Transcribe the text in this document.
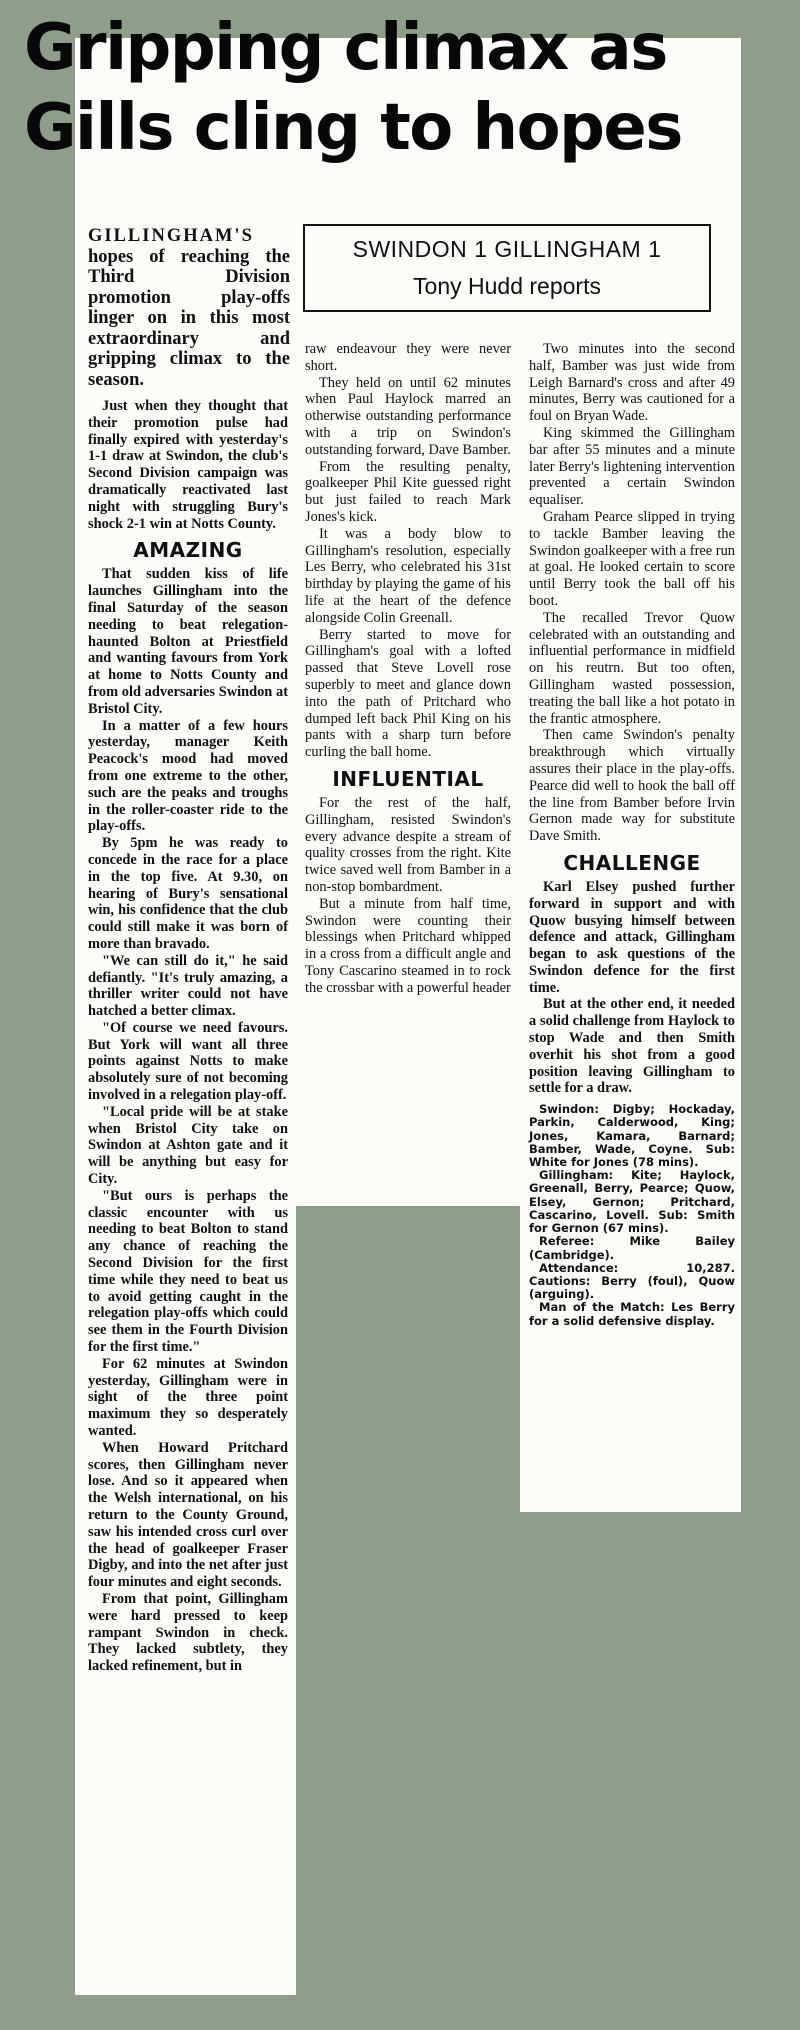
Gripping climax as
Gills cling to hopes
SWINDON 1 GILLINGHAM 1
Tony Hudd reports

GILLINGHAM'S hopes of reaching the Third Division promotion play-offs linger on in this most extraordinary and gripping climax to the season.

Just when they thought that their promotion pulse had finally expired with yesterday's 1-1 draw at Swindon, the club's Second Division campaign was dramatically reactivated last night with struggling Bury's shock 2-1 win at Notts County.

AMAZING

That sudden kiss of life launches Gillingham into the final Saturday of the season needing to beat relegation-haunted Bolton at Priestfield and wanting favours from York at home to Notts County and from old adversaries Swindon at Bristol City.

In a matter of a few hours yesterday, manager Keith Peacock's mood had moved from one extreme to the other, such are the peaks and troughs in the roller-coaster ride to the play-offs.

By 5pm he was ready to concede in the race for a place in the top five. At 9.30, on hearing of Bury's sensational win, his confidence that the club could still make it was born of more than bravado.

"We can still do it," he said defiantly. "It's truly amazing, a thriller writer could not have hatched a better climax.

"Of course we need favours. But York will want all three points against Notts to make absolutely sure of not becoming involved in a relegation play-off.

"Local pride will be at stake when Bristol City take on Swindon at Ashton gate and it will be anything but easy for City.

"But ours is perhaps the classic encounter with us needing to beat Bolton to stand any chance of reaching the Second Division for the first time while they need to beat us to avoid getting caught in the relegation play-offs which could see them in the Fourth Division for the first time."

For 62 minutes at Swindon yesterday, Gillingham were in sight of the three point maximum they so desperately wanted.

When Howard Pritchard scores, then Gillingham never lose. And so it appeared when the Welsh international, on his return to the County Ground, saw his intended cross curl over the head of goalkeeper Fraser Digby, and into the net after just four minutes and eight seconds.

From that point, Gillingham were hard pressed to keep rampant Swindon in check. They lacked subtlety, they lacked refinement, but in

raw endeavour they were never short.

They held on until 62 minutes when Paul Haylock marred an otherwise outstanding performance with a trip on Swindon's outstanding forward, Dave Bamber.

From the resulting penalty, goalkeeper Phil Kite guessed right but just failed to reach Mark Jones's kick.

It was a body blow to Gillingham's resolution, especially Les Berry, who celebrated his 31st birthday by playing the game of his life at the heart of the defence alongside Colin Greenall.

Berry started to move for Gillingham's goal with a lofted passed that Steve Lovell rose superbly to meet and glance down into the path of Pritchard who dumped left back Phil King on his pants with a sharp turn before curling the ball home.

INFLUENTIAL

For the rest of the half, Gillingham, resisted Swindon's every advance despite a stream of quality crosses from the right. Kite twice saved well from Bamber in a non-stop bombardment.

But a minute from half time, Swindon were counting their blessings when Pritchard whipped in a cross from a difficult angle and Tony Cascarino steamed in to rock the crossbar with a powerful header

Two minutes into the second half, Bamber was just wide from Leigh Barnard's cross and after 49 minutes, Berry was cautioned for a foul on Bryan Wade.

King skimmed the Gillingham bar after 55 minutes and a minute later Berry's lightening intervention prevented a certain Swindon equaliser.

Graham Pearce slipped in trying to tackle Bamber leaving the Swindon goalkeeper with a free run at goal. He looked certain to score until Berry took the ball off his boot.

The recalled Trevor Quow celebrated with an outstanding and influential performance in midfield on his reutrn. But too often, Gillingham wasted possession, treating the ball like a hot potato in the frantic atmosphere.

Then came Swindon's penalty breakthrough which virtually assures their place in the play-offs. Pearce did well to hook the ball off the line from Bamber before Irvin Gernon made way for substitute Dave Smith.

CHALLENGE

Karl Elsey pushed further forward in support and with Quow busying himself between defence and attack, Gillingham began to ask questions of the Swindon defence for the first time.

But at the other end, it needed a solid challenge from Haylock to stop Wade and then Smith overhit his shot from a good position leaving Gillingham to settle for a draw.

Swindon: Digby; Hockaday, Parkin, Calderwood, King; Jones, Kamara, Barnard; Bamber, Wade, Coyne. Sub: White for Jones (78 mins).

Gillingham: Kite; Haylock, Greenall, Berry, Pearce; Quow, Elsey, Gernon; Pritchard, Cascarino, Lovell. Sub: Smith for Gernon (67 mins).

Referee: Mike Bailey (Cambridge).

Attendance: 10,287. Cautions: Berry (foul), Quow (arguing).

Man of the Match: Les Berry for a solid defensive display.
